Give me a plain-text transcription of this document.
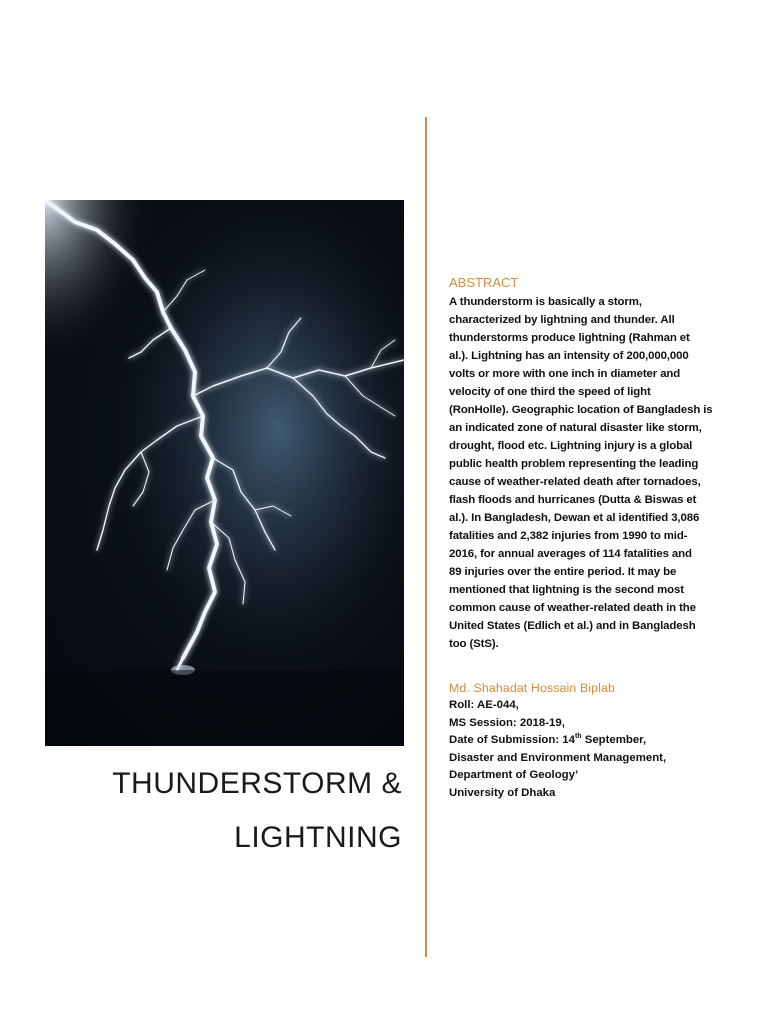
THUNDERSTORM &
LIGHTNING
ABSTRACT
A thunderstorm is basically a storm,
characterized by lightning and thunder. All
thunderstorms produce lightning (Rahman et
al.). Lightning has an intensity of 200,000,000
volts or more with one inch in diameter and
velocity of one third the speed of light
(RonHolle). Geographic location of Bangladesh is
an indicated zone of natural disaster like storm,
drought, flood etc. Lightning injury is a global
public health problem representing the leading
cause of weather-related death after tornadoes,
flash floods and hurricanes (Dutta & Biswas et
al.). In Bangladesh, Dewan et al identified 3,086
fatalities and 2,382 injuries from 1990 to mid-
2016, for annual averages of 114 fatalities and
89 injuries over the entire period. It may be
mentioned that lightning is the second most
common cause of weather-related death in the
United States (Edlich et al.) and in Bangladesh
too (StS).
Md. Shahadat Hossain Biplab
Roll: AE-044,
MS Session: 2018-19,
Date of Submission: 14th September,
Disaster and Environment Management,
Department of Geology’
University of Dhaka
